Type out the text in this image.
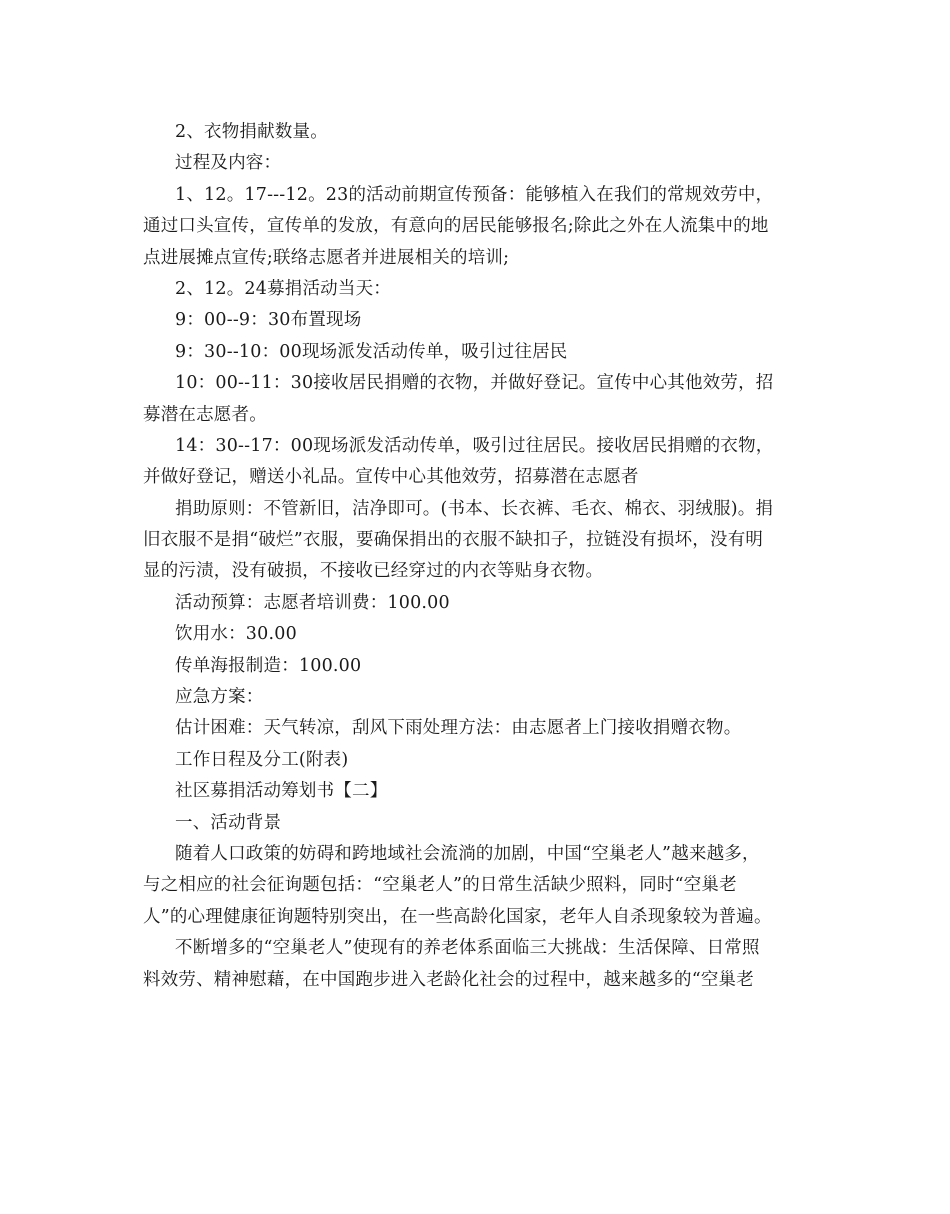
2、衣物捐献数量。
过程及内容：
1、12。17---12。23的活动前期宣传预备：能够植入在我们的常规效劳中，
通过口头宣传，宣传单的发放，有意向的居民能够报名;除此之外在人流集中的地
点进展摊点宣传;联络志愿者并进展相关的培训;
2、12。24募捐活动当天：
9：00--9：30布置现场
9：30--10：00现场派发活动传单，吸引过往居民
10：00--11：30接收居民捐赠的衣物，并做好登记。宣传中心其他效劳，招
募潜在志愿者。
14：30--17：00现场派发活动传单，吸引过往居民。接收居民捐赠的衣物，
并做好登记，赠送小礼品。宣传中心其他效劳，招募潜在志愿者
捐助原则：不管新旧，洁净即可。(书本、长衣裤、毛衣、棉衣、羽绒服)。捐
旧衣服不是捐“破烂”衣服，要确保捐出的衣服不缺扣子，拉链没有损坏，没有明
显的污渍，没有破损，不接收已经穿过的内衣等贴身衣物。
活动预算：志愿者培训费：100.00
饮用水：30.00
传单海报制造：100.00
应急方案：
估计困难：天气转凉，刮风下雨处理方法：由志愿者上门接收捐赠衣物。
工作日程及分工(附表)
社区募捐活动筹划书【二】
一、活动背景
随着人口政策的妨碍和跨地域社会流淌的加剧，中国“空巢老人”越来越多，
与之相应的社会征询题包括：“空巢老人”的日常生活缺少照料，同时“空巢老
人”的心理健康征询题特别突出，在一些高龄化国家，老年人自杀现象较为普遍。
不断增多的“空巢老人”使现有的养老体系面临三大挑战：生活保障、日常照
料效劳、精神慰藉，在中国跑步进入老龄化社会的过程中，越来越多的“空巢老
